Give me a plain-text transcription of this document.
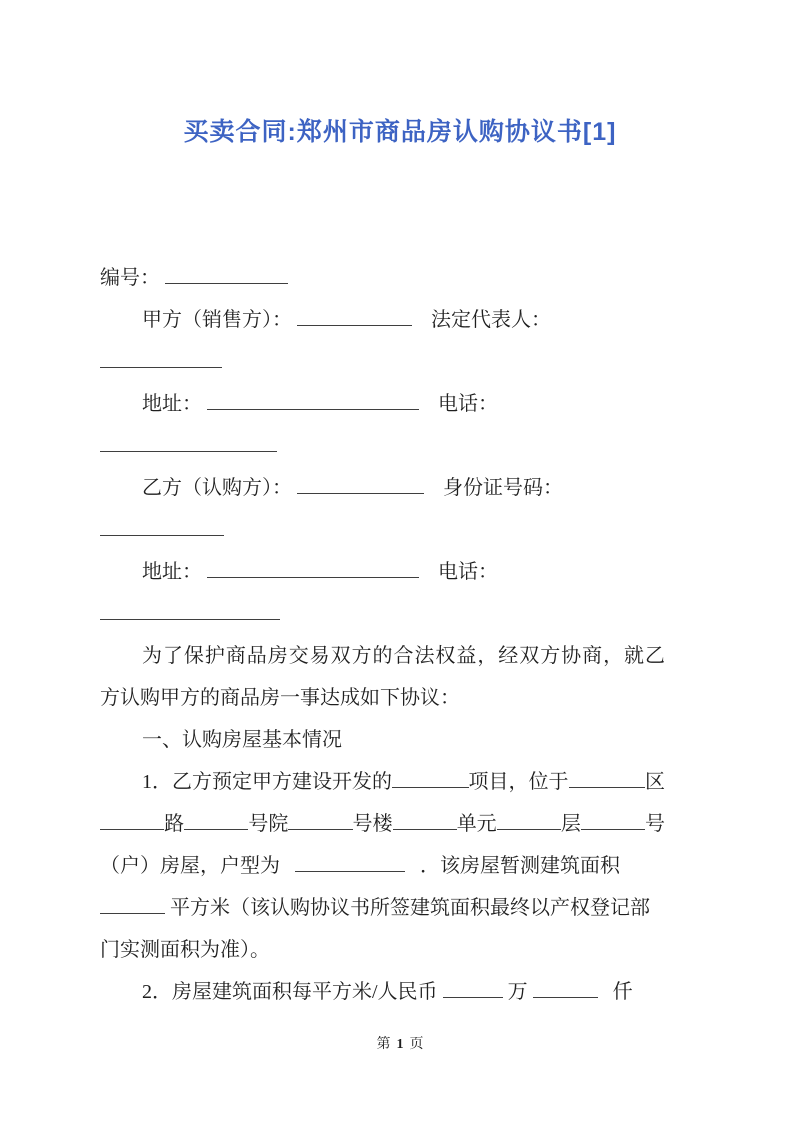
买卖合同:郑州市商品房认购协议书[1]
编号：
甲方（销售方）：	法定代表人：
地址：	电话：
乙方（认购方）：	身份证号码：
地址：	电话：
为了保护商品房交易双方的合法权益，经双方协商，就乙
方认购甲方的商品房一事达成如下协议：
一、认购房屋基本情况
1．乙方预定甲方建设开发的	项目，位于	区
路	号院	号楼	单元	层	号
（户）房屋，户型为	．该房屋暂测建筑面积
平方米（该认购协议书所签建筑面积最终以产权登记部
门实测面积为准）。
2．房屋建筑面积每平方米/人民币	万	仟
第 1 页
